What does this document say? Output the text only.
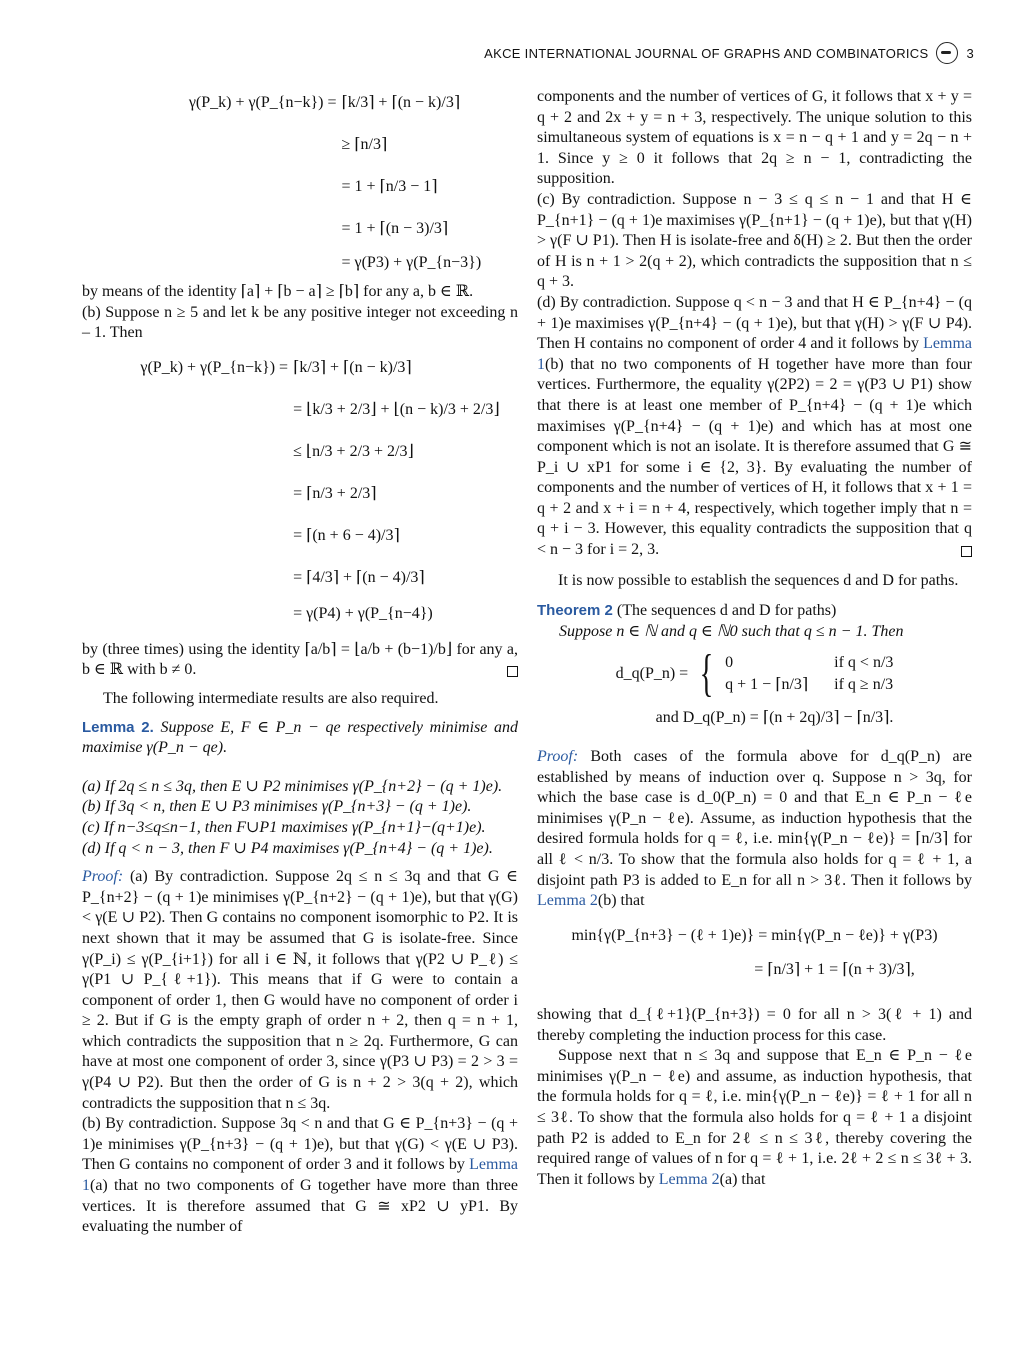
AKCE INTERNATIONAL JOURNAL OF GRAPHS AND COMBINATORICS	3
γ(P_k) + γ(P_{n−k}) = ⌈k/3⌉ + ⌈(n − k)/3⌉
≥ ⌈n/3⌉
= 1 + ⌈n/3 − 1⌉
= 1 + ⌈(n − 3)/3⌉
= γ(P3) + γ(P_{n−3})

by means of the identity ⌈a⌉ + ⌈b − a⌉ ≥ ⌈b⌉ for any a, b ∈ ℝ.

(b) Suppose n ≥ 5 and let k be any positive integer not exceeding n – 1. Then

γ(P_k) + γ(P_{n−k}) = ⌈k/3⌉ + ⌈(n − k)/3⌉
= ⌊k/3 + 2/3⌋ + ⌊(n − k)/3 + 2/3⌋
≤ ⌊n/3 + 2/3 + 2/3⌋
= ⌈n/3 + 2/3⌉
= ⌈(n + 6 − 4)/3⌉
= ⌈4/3⌉ + ⌈(n − 4)/3⌉
= γ(P4) + γ(P_{n−4})

by (three times) using the identity ⌈a/b⌉ = ⌊a/b + (b−1)/b⌋ for any a, b ∈ ℝ with b ≠ 0.

The following intermediate results are also required.

Lemma 2. Suppose E, F ∈ P_n − qe respectively minimise and maximise γ(P_n − qe).

(a) If 2q ≤ n ≤ 3q, then E ∪ P2 minimises γ(P_{n+2} − (q + 1)e).

(b) If 3q < n, then E ∪ P3 minimises γ(P_{n+3} − (q + 1)e).

(c) If n−3≤q≤n−1, then F∪P1 maximises γ(P_{n+1}−(q+1)e).

(d) If q < n − 3, then F ∪ P4 maximises γ(P_{n+4} − (q + 1)e).

Proof: (a) By contradiction. Suppose 2q ≤ n ≤ 3q and that G ∈ P_{n+2} − (q + 1)e minimises γ(P_{n+2} − (q + 1)e), but that γ(G) < γ(E ∪ P2). Then G contains no component isomorphic to P2. It is next shown that it may be assumed that G is isolate-free. Since γ(P_i) ≤ γ(P_{i+1}) for all i ∈ ℕ, it follows that γ(P2 ∪ P_ℓ) ≤ γ(P1 ∪ P_{ℓ+1}). This means that if G were to contain a component of order 1, then G would have no component of order i ≥ 2. But if G is the empty graph of order n + 2, then q = n + 1, which contradicts the supposition that n ≥ 2q. Furthermore, G can have at most one component of order 3, since γ(P3 ∪ P3) = 2 > 3 = γ(P4 ∪ P2). But then the order of G is n + 2 > 3(q + 2), which contradicts the supposition that n ≤ 3q.

(b) By contradiction. Suppose 3q < n and that G ∈ P_{n+3} − (q + 1)e minimises γ(P_{n+3} − (q + 1)e), but that γ(G) < γ(E ∪ P3). Then G contains no component of order 3 and it follows by Lemma 1(a) that no two components of G together have more than three vertices. It is therefore assumed that G ≅ xP2 ∪ yP1. By evaluating the number of

components and the number of vertices of G, it follows that x + y = q + 2 and 2x + y = n + 3, respectively. The unique solution to this simultaneous system of equations is x = n − q + 1 and y = 2q − n + 1. Since y ≥ 0 it follows that 2q ≥ n − 1, contradicting the supposition.

(c) By contradiction. Suppose n − 3 ≤ q ≤ n − 1 and that H ∈ P_{n+1} − (q + 1)e maximises γ(P_{n+1} − (q + 1)e), but that γ(H) > γ(F ∪ P1). Then H is isolate-free and δ(H) ≥ 2. But then the order of H is n + 1 > 2(q + 2), which contradicts the supposition that n ≤ q + 3.

(d) By contradiction. Suppose q < n − 3 and that H ∈ P_{n+4} − (q + 1)e maximises γ(P_{n+4} − (q + 1)e), but that γ(H) > γ(F ∪ P4). Then H contains no component of order 4 and it follows by Lemma 1(b) that no two components of H together have more than four vertices. Furthermore, the equality γ(2P2) = 2 = γ(P3 ∪ P1) show that there is at least one member of P_{n+4} − (q + 1)e which maximises γ(P_{n+4} − (q + 1)e) and which has at most one component which is not an isolate. It is therefore assumed that G ≅ P_i ∪ xP1 for some i ∈ {2, 3}. By evaluating the number of components and the number of vertices of H, it follows that x + 1 = q + 2 and x + i = n + 4, respectively, which together imply that n = q + i − 3. However, this equality contradicts the supposition that q < n − 3 for i = 2, 3.

It is now possible to establish the sequences d and D for paths.

Theorem 2 (The sequences d and D for paths)

Suppose n ∈ ℕ and q ∈ ℕ0 such that q ≤ n − 1. Then

d_q(P_n) = { 0	if q < n/3
q + 1 − ⌈n/3⌉ if q ≥ n/3

and D_q(P_n) = ⌈(n + 2q)/3⌉ − ⌈n/3⌉.

Proof: Both cases of the formula above for d_q(P_n) are established by means of induction over q. Suppose n > 3q, for which the base case is d_0(P_n) = 0 and that E_n ∈ P_n − ℓe minimises γ(P_n − ℓe). Assume, as induction hypothesis that the desired formula holds for q = ℓ, i.e. min{γ(P_n − ℓe)} = ⌈n/3⌉ for all ℓ < n/3. To show that the formula also holds for q = ℓ + 1, a disjoint path P3 is added to E_n for all n > 3ℓ. Then it follows by Lemma 2(b) that

min{γ(P_{n+3} − (ℓ + 1)e)} = min{γ(P_n − ℓe)} + γ(P3)
= ⌈n/3⌉ + 1 = ⌈(n + 3)/3⌉,

showing that d_{ℓ+1}(P_{n+3}) = 0 for all n > 3(ℓ + 1) and thereby completing the induction process for this case.

Suppose next that n ≤ 3q and suppose that E_n ∈ P_n − ℓe minimises γ(P_n − ℓe) and assume, as induction hypothesis, that the formula holds for q = ℓ, i.e. min{γ(P_n − ℓe)} = ℓ + 1 for all n ≤ 3ℓ. To show that the formula also holds for q = ℓ + 1 a disjoint path P2 is added to E_n for 2ℓ ≤ n ≤ 3ℓ, thereby covering the required range of values of n for q = ℓ + 1, i.e. 2ℓ + 2 ≤ n ≤ 3ℓ + 3. Then it follows by Lemma 2(a) that
